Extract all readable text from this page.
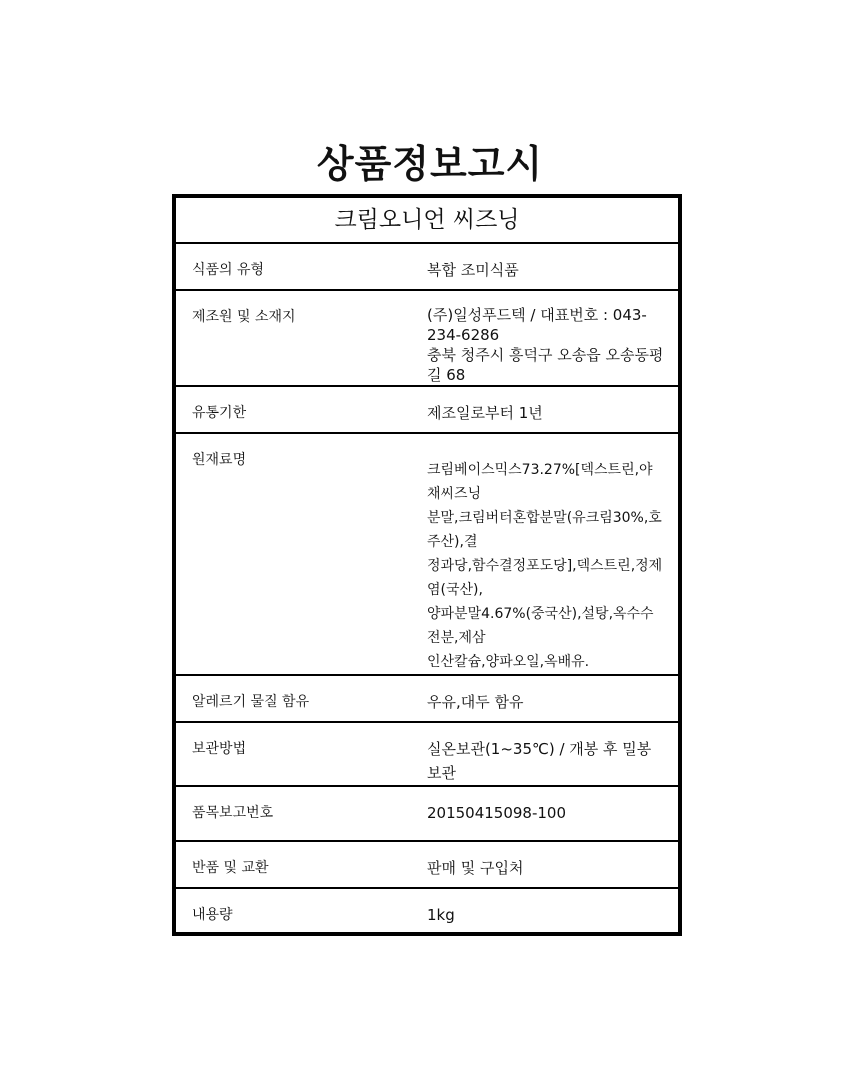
상품정보고시
크림오니언 씨즈닝	

식품의 유형	복합 조미식품

제조원 및 소재지	(주)일성푸드텍 / 대표번호 : 043-234-6286
충북 청주시 흥덕구 오송읍 오송동평길 68

유통기한	제조일로부터 1년

원재료명	크림베이스믹스73.27%[덱스트린,야채씨즈닝
분말,크림버터혼합분말(유크림30%,호주산),결
정과당,함수결정포도당],덱스트린,정제염(국산),
양파분말4.67%(중국산),설탕,옥수수전분,제삼
인산칼슘,양파오일,옥배유.

알레르기 물질 함유	우유,대두 함유

보관방법	실온보관(1~35℃) / 개봉 후 밀봉보관

품목보고번호	20150415098-100

반품 및 교환	판매 및 구입처

내용량	1kg
